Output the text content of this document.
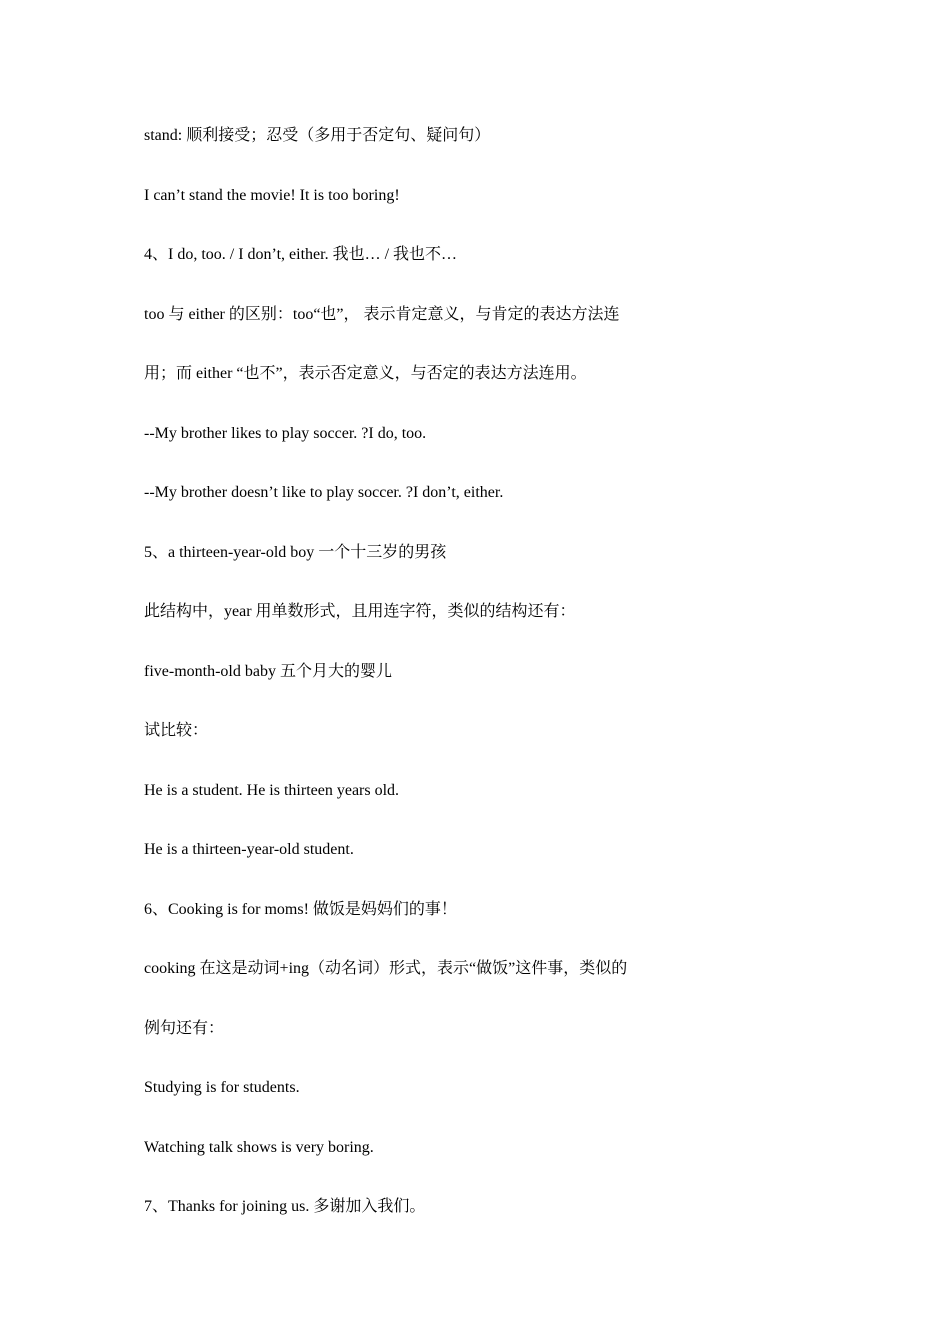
stand: 顺利接受；忍受（多用于否定句、疑问句）
I can’t stand the movie! It is too boring!
4、I do, too. / I don’t, either. 我也… / 我也不…
too 与 either 的区别：too“也”， 表示肯定意义，与肯定的表达方法连
用；而 either “也不”，表示否定意义，与否定的表达方法连用。
--My brother likes to play soccer. ?I do, too.
--My brother doesn’t like to play soccer. ?I don’t, either.
5、a thirteen-year-old boy 一个十三岁的男孩
此结构中，year 用单数形式，且用连字符，类似的结构还有：
five-month-old baby 五个月大的婴儿
试比较：
He is a student. He is thirteen years old.
He is a thirteen-year-old student.
6、Cooking is for moms! 做饭是妈妈们的事！
cooking 在这是动词+ing（动名词）形式，表示“做饭”这件事，类似的
例句还有：
Studying is for students.
Watching talk shows is very boring.
7、Thanks for joining us. 多谢加入我们。
